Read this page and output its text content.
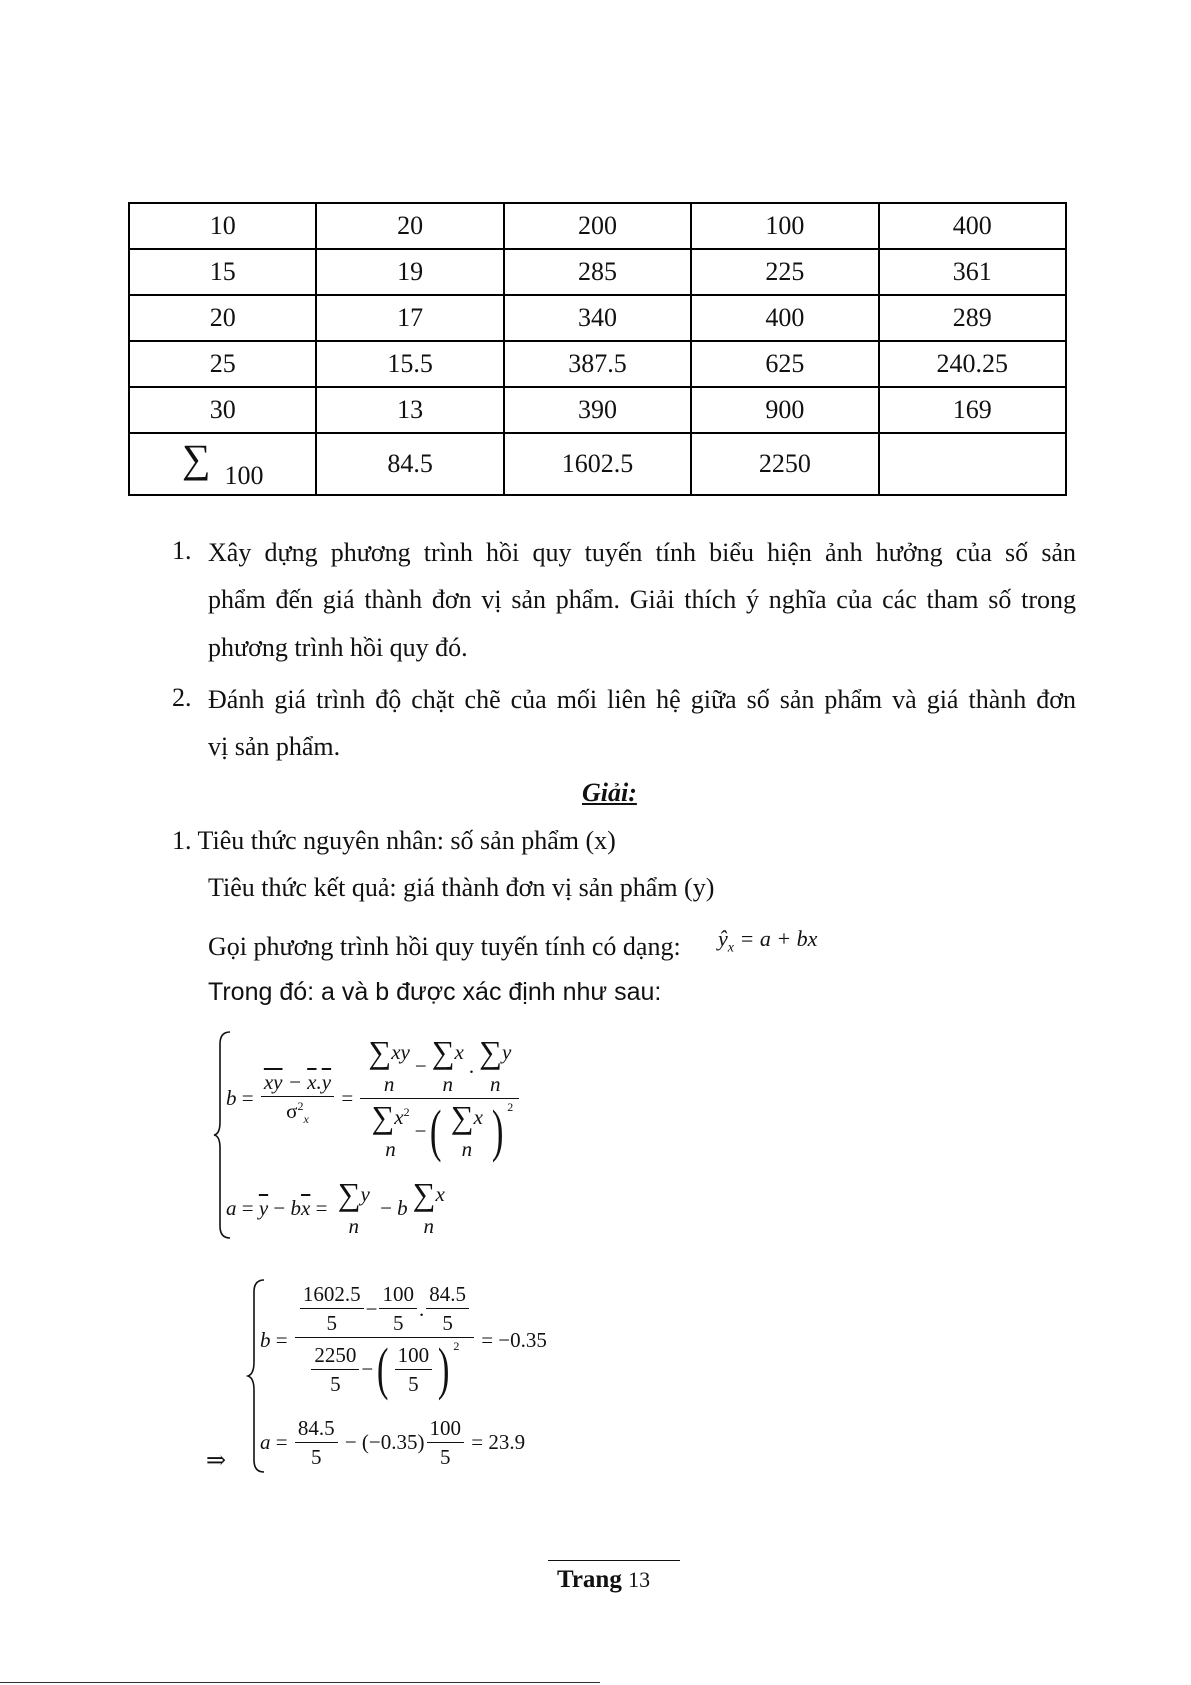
10	20	200	100	400
15	19	285	225	361
20	17	340	400	289
25	15.5	387.5	625	240.25
30	13	390	900	169
∑ 100	84.5	1602.5	2250	
1. Xây dựng phương trình hồi quy tuyến tính biểu hiện ảnh hưởng của số sản
phẩm đến giá thành đơn vị sản phẩm. Giải thích ý nghĩa của các tham số trong
phương trình hồi quy đó.
2. Đánh giá trình độ chặt chẽ của mối liên hệ giữa số sản phẩm và giá thành đơn
vị sản phẩm.
Giải:
1. Tiêu thức nguyên nhân: số sản phẩm (x)
Tiêu thức kết quả: giá thành đơn vị sản phẩm (y)
Gọi phương trình hồi quy tuyến tính có dạng: $ŷ_x = a$ + bx
Trong đó: a và b được xác định như sau:
$b = \frac{\overline{xy} - \overline{x}.\overline{y}}{\sigma^2_x} = \sum xy$
n
− ∑x
n
. ∑y
n
$\sum x^2$
n
− ( ∑x
n ) $^2$
$a = \overline{y} - b$ $\overline{x} = \sum y$
n
− b ∑x
n
⇒
$b = \frac{\frac{1602.5}{5} - \frac{100}{5} . \frac{84.5}{5}}{\frac{2250}{5} - ( \frac{100}{5} ) ^2}$
= −0.35
$a = \frac{84.5}{5}$
− $(-0.35) \frac{100}{5}$
= 23.9
Trang 13
